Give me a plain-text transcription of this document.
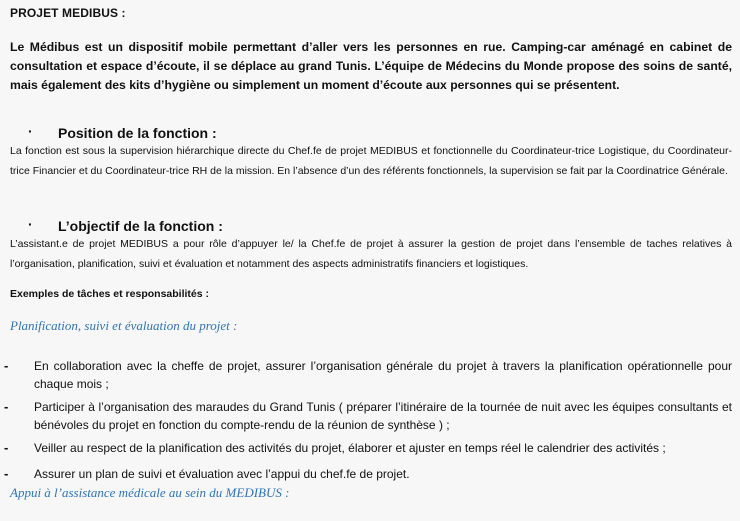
PROJET MEDIBUS :

Le Médibus est un dispositif mobile permettant d’aller vers les personnes en rue. Camping-car aménagé en cabinet de consultation et espace d’écoute, il se déplace au grand Tunis. L’équipe de Médecins du Monde propose des soins de santé, mais également des kits d’hygiène ou simplement un moment d’écoute aux personnes qui se présentent.

· Position de la fonction :

La fonction est sous la supervision hiérarchique directe du Chef.fe de projet MEDIBUS et fonctionnelle du Coordinateur-trice Logistique, du Coordinateur-trice Financier et du Coordinateur-trice RH de la mission. En l’absence d’un des référents fonctionnels, la supervision se fait par la Coordinatrice Générale.

· L’objectif de la fonction :

L’assistant.e de projet MEDIBUS a pour rôle d’appuyer le/ la Chef.fe de projet à assurer la gestion de projet dans l’ensemble de taches relatives à l’organisation, planification, suivi et évaluation et notamment des aspects administratifs financiers et logistiques.

Exemples de tâches et responsabilités :
Planification, suivi et évaluation du projet :
- En collaboration avec la cheffe de projet, assurer l’organisation générale du projet à travers la planification opérationnelle pour chaque mois ;

- Participer à l’organisation des maraudes du Grand Tunis ( préparer l’itinéraire de la tournée de nuit avec les équipes consultants et bénévoles du projet en fonction du compte-rendu de la réunion de synthèse ) ;

- Veiller au respect de la planification des activités du projet, élaborer et ajuster en temps réel le calendrier des activités ;

- Assurer un plan de suivi et évaluation avec l’appui du chef.fe de projet.

Appui à l’assistance médicale au sein du MEDIBUS :
